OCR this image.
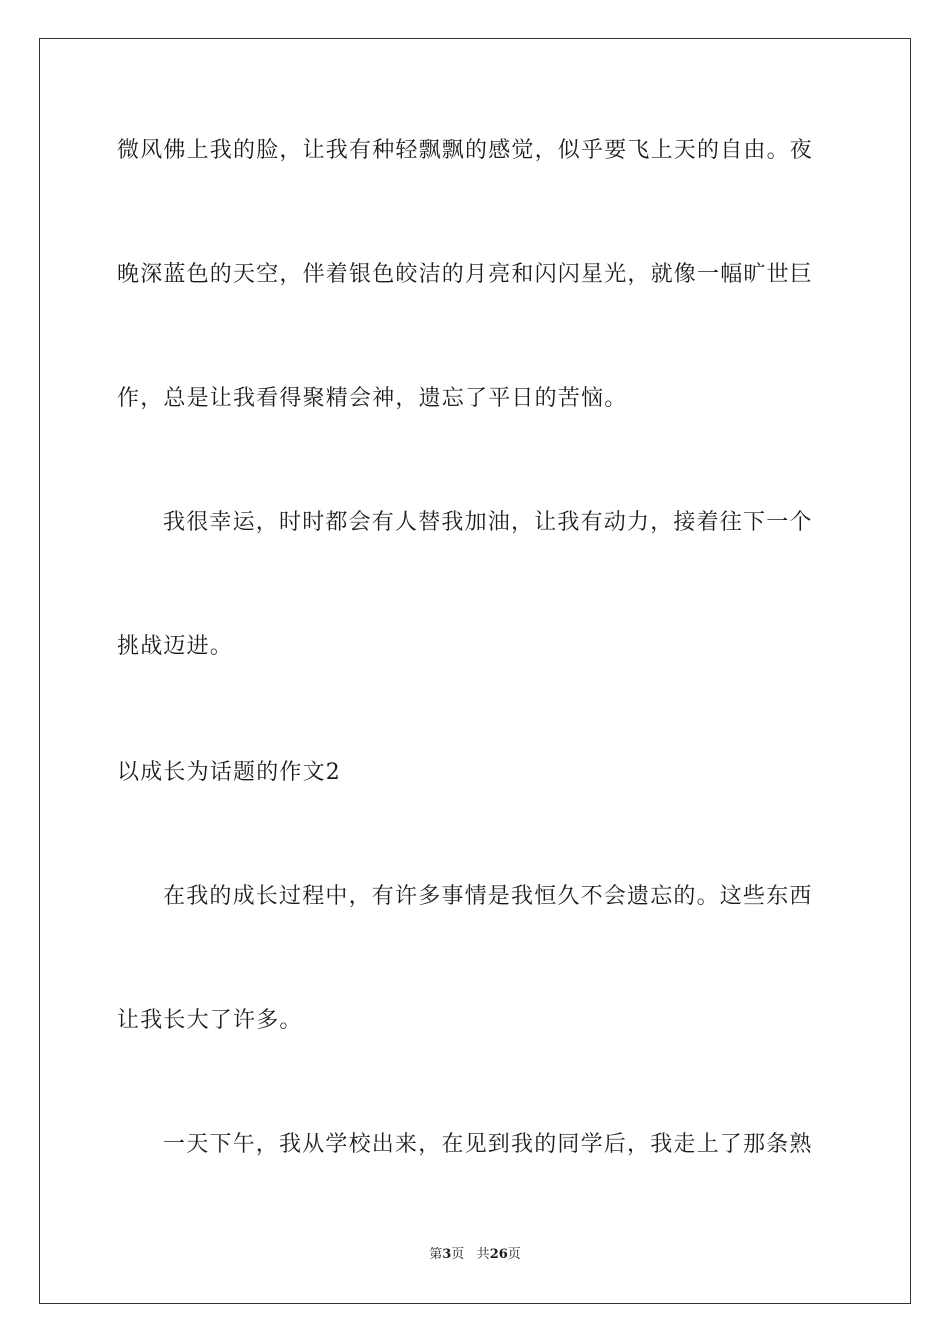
微风佛上我的脸，让我有种轻飘飘的感觉，似乎要飞上天的自由。夜
晚深蓝色的天空，伴着银色皎洁的月亮和闪闪星光，就像一幅旷世巨
作，总是让我看得聚精会神，遗忘了平日的苦恼。
我很幸运，时时都会有人替我加油，让我有动力，接着往下一个
挑战迈进。
以成长为话题的作文2
在我的成长过程中，有许多事情是我恒久不会遗忘的。这些东西
让我长大了许多。
一天下午，我从学校出来，在见到我的同学后，我走上了那条熟
第3页 共26页
